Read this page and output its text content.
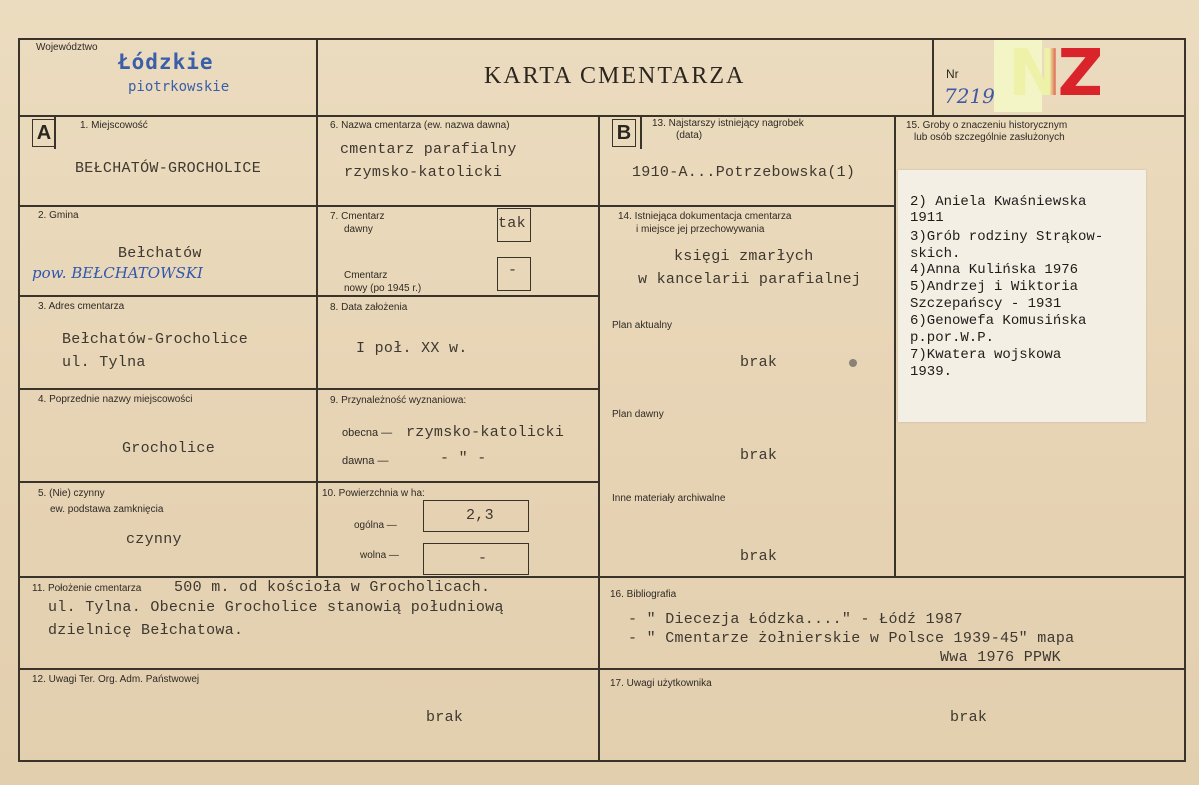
Województwo
Łódzkie
piotrkowskie	KARTA CMENTARZA	Nr
7219 NZ
A	1. Miejscowość
BEŁCHATÓW-GROCHOLICE
2. Gmina
Bełchatów
pow. BEŁCHATOWSKI
3. Adres cmentarza
Bełchatów-Grocholice
ul. Tylna
4. Poprzednie nazwy miejscowości
Grocholice
5. (Nie) czynny
ew. podstawa zamknięcia
czynny
6. Nazwa cmentarza (ew. nazwa dawna)
cmentarz parafialny
rzymsko-katolicki
7. Cmentarz
dawny	tak
Cmentarz
nowy (po 1945 r.)
-
8. Data założenia
I poł. XX w.
9. Przynależność wyznaniowa:
obecna — rzymsko-katolicki
dawna —	- " -
10. Powierzchnia w ha:
ogólna —
2,3
wolna —	-
B	13. Najstarszy istniejący nagrobek
(data)
1910-A...Potrzebowska(1)
14. Istniejąca dokumentacja cmentarza
i miejsce jej przechowywania
księgi zmarłych
w kancelarii parafialnej
Plan aktualny
brak
Plan dawny
brak
Inne materiały archiwalne
brak
15. Groby o znaczeniu historycznym
lub osób szczególnie zasłużonych
2) Aniela Kwaśniewska
1911
3)Grób rodziny Strąkow-
skich.
4)Anna Kulińska 1976
5)Andrzej i Wiktoria
Szczepańscy - 1931
6)Genowefa Komusińska
p.por.W.P.
7)Kwatera wojskowa
1939.
11. Położenie cmentarza 500 m. od kościoła w Grocholicach.
ul. Tylna. Obecnie Grocholice stanowią południową
dzielnicę Bełchatowa.
16. Bibliografia
- " Diecezja Łódzka...." - Łódź 1987
- " Cmentarze żołnierskie w Polsce 1939-45" mapa
Wwa 1976 PPWK
12. Uwagi Ter. Org. Adm. Państwowej
brak
17. Uwagi użytkownika
brak
